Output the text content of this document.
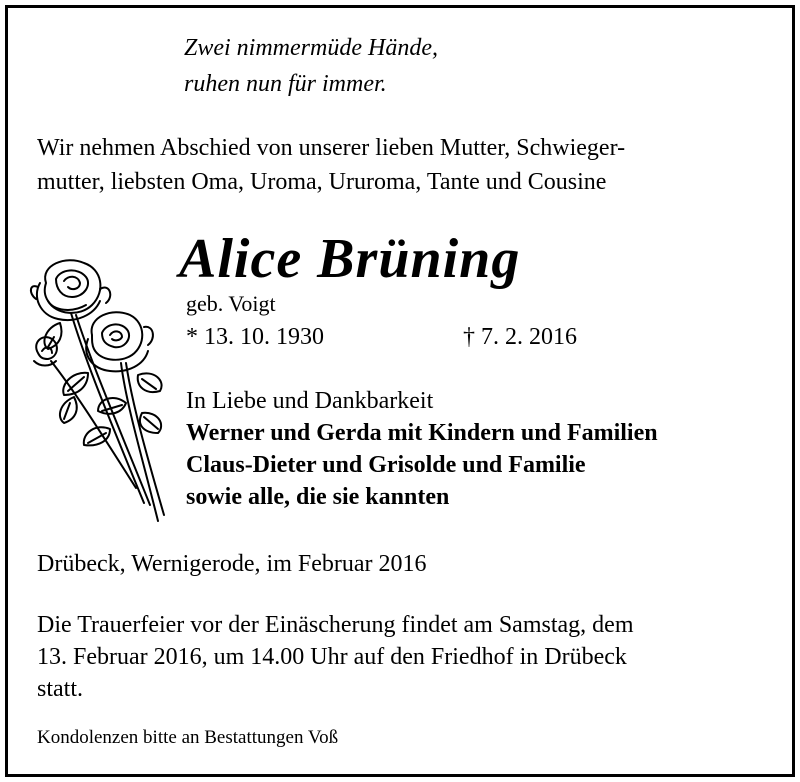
Zwei nimmermüde Hände,
ruhen nun für immer.
Wir nehmen Abschied von unserer lieben Mutter, Schwieger-
mutter, liebsten Oma, Uroma, Ururoma, Tante und Cousine
Alice Brüning
geb. Voigt
* 13. 10. 1930	† 7. 2. 2016
In Liebe und Dankbarkeit
Werner und Gerda mit Kindern und Familien
Claus-Dieter und Grisolde und Familie
sowie alle, die sie kannten
Drübeck, Wernigerode, im Februar 2016
Die Trauerfeier vor der Einäscherung findet am Samstag, dem
13. Februar 2016, um 14.00 Uhr auf den Friedhof in Drübeck
statt.
Kondolenzen bitte an Bestattungen Voß
